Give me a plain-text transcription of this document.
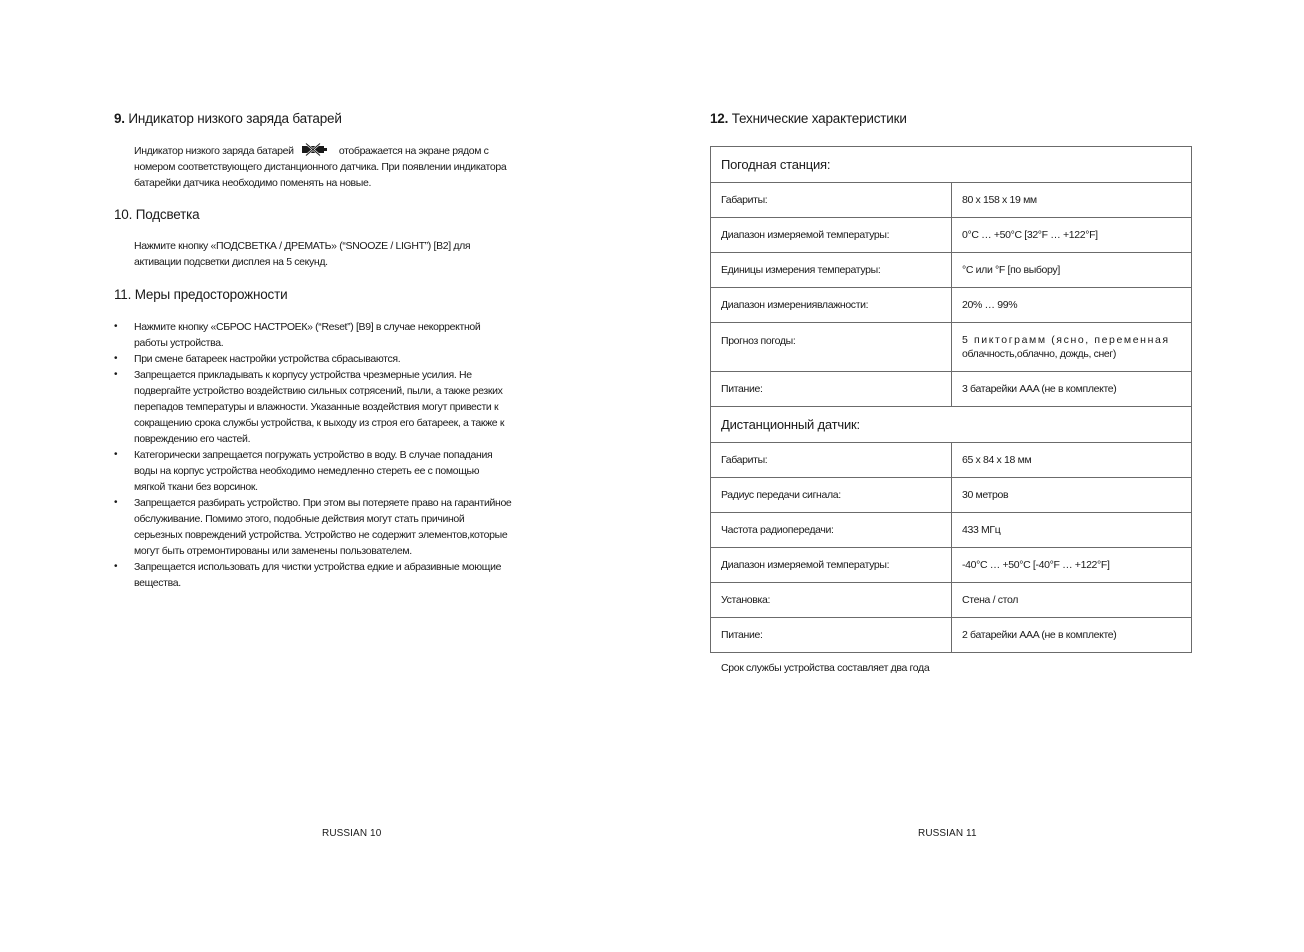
9. Индикатор низкого заряда батарей
Индикатор низкого заряда батарей	отображается на экране рядом с
номером соответствующего дистанционного датчика. При появлении индикатора
батарейки датчика необходимо поменять на новые.
10. Подсветка
Нажмите кнопку «ПОДСВЕТКА / ДРЕМАТЬ» (“SNOOZE / LIGHT”) [B2] для
активации подсветки дисплея на 5 секунд.
11. Меры предосторожности
• Нажмите кнопку «СБРОС НАСТРОЕК» (“Reset”) [B9] в случае некорректной
работы устройства.
• При смене батареек настройки устройства сбрасываются.
• Запрещается прикладывать к корпусу устройства чрезмерные усилия. Не
подвергайте устройство воздействию сильных сотрясений, пыли, а также резких
перепадов температуры и влажности. Указанные воздействия могут привести к
сокращению срока службы устройства, к выходу из строя его батареек, а также к
повреждению его частей.
• Категорически запрещается погружать устройство в воду. В случае попадания
воды на корпус устройства необходимо немедленно стереть ее с помощью
мягкой ткани без ворсинок.
• Запрещается разбирать устройство. При этом вы потеряете право на гарантийное
обслуживание. Помимо этого, подобные действия могут стать причиной
серьезных повреждений устройства. Устройство не содержит элементов,которые
могут быть отремонтированы или заменены пользователем.
• Запрещается использовать для чистки устройства едкие и абразивные моющие
вещества.
RUSSIAN 10
12. Технические характеристики
Погодная станция:	
Габариты:	80 x 158 x 19 мм
Диапазон измеряемой температуры:	0°C … +50°C [32°F … +122°F]
Единицы измерения температуры:	°C или °F [по выбору]
Диапазон измерениявлажности:	20% … 99%
Прогноз погоды:	5 пиктограмм (ясно, переменная
облачность,облачно, дождь, снег)

Питание:	3 батарейки AAA (не в комплекте)
Дистанционный датчик:	
Габариты:	65 x 84 x 18 мм
Радиус передачи сигнала:	30 метров
Частота радиопередачи:	433 МГц
Диапазон измеряемой температуры:	-40°C … +50°C [-40°F … +122°F]
Установка:	Стена / стол
Питание:	2 батарейки AAA (не в комплекте)
Срок службы устройства составляет два года
RUSSIAN 11
